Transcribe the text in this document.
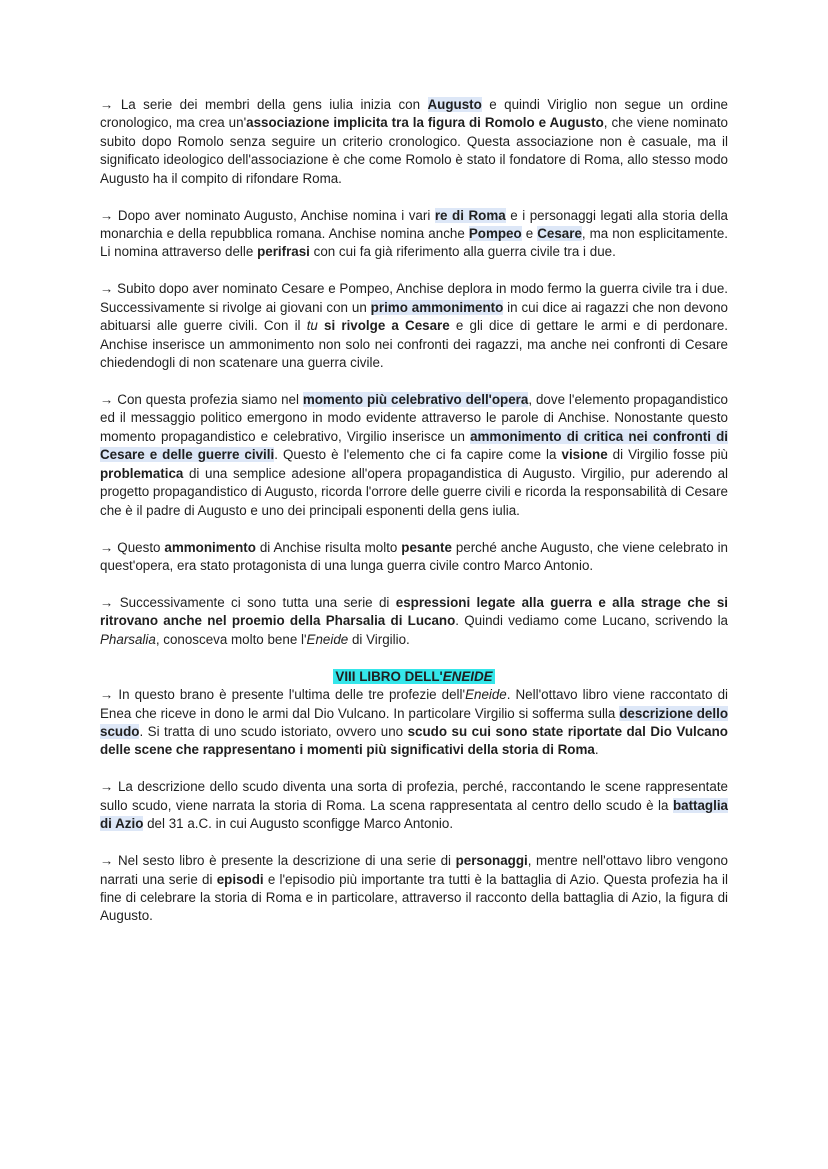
→ La serie dei membri della gens iulia inizia con Augusto e quindi Viriglio non segue un ordine cronologico, ma crea un'associazione implicita tra la figura di Romolo e Augusto, che viene nominato subito dopo Romolo senza seguire un criterio cronologico. Questa associazione non è casuale, ma il significato ideologico dell'associazione è che come Romolo è stato il fondatore di Roma, allo stesso modo Augusto ha il compito di rifondare Roma.

→ Dopo aver nominato Augusto, Anchise nomina i vari re di Roma e i personaggi legati alla storia della monarchia e della repubblica romana. Anchise nomina anche Pompeo e Cesare, ma non esplicitamente. Li nomina attraverso delle perifrasi con cui fa già riferimento alla guerra civile tra i due.

→ Subito dopo aver nominato Cesare e Pompeo, Anchise deplora in modo fermo la guerra civile tra i due. Successivamente si rivolge ai giovani con un primo ammonimento in cui dice ai ragazzi che non devono abituarsi alle guerre civili. Con il tu si rivolge a Cesare e gli dice di gettare le armi e di perdonare. Anchise inserisce un ammonimento non solo nei confronti dei ragazzi, ma anche nei confronti di Cesare chiedendogli di non scatenare una guerra civile.

→ Con questa profezia siamo nel momento più celebrativo dell'opera, dove l'elemento propagandistico ed il messaggio politico emergono in modo evidente attraverso le parole di Anchise. Nonostante questo momento propagandistico e celebrativo, Virgilio inserisce un ammonimento di critica nei confronti di Cesare e delle guerre civili. Questo è l'elemento che ci fa capire come la visione di Virgilio fosse più problematica di una semplice adesione all'opera propagandistica di Augusto. Virgilio, pur aderendo al progetto propagandistico di Augusto, ricorda l'orrore delle guerre civili e ricorda la responsabilità di Cesare che è il padre di Augusto e uno dei principali esponenti della gens iulia.

→ Questo ammonimento di Anchise risulta molto pesante perché anche Augusto, che viene celebrato in quest'opera, era stato protagonista di una lunga guerra civile contro Marco Antonio.

→ Successivamente ci sono tutta una serie di espressioni legate alla guerra e alla strage che si ritrovano anche nel proemio della Pharsalia di Lucano. Quindi vediamo come Lucano, scrivendo la Pharsalia, conosceva molto bene l'Eneide di Virgilio.

VIII LIBRO DELL'ENEIDE

→ In questo brano è presente l'ultima delle tre profezie dell'Eneide. Nell'ottavo libro viene raccontato di Enea che riceve in dono le armi dal Dio Vulcano. In particolare Virgilio si sofferma sulla descrizione dello scudo. Si tratta di uno scudo istoriato, ovvero uno scudo su cui sono state riportate dal Dio Vulcano delle scene che rappresentano i momenti più significativi della storia di Roma.

→ La descrizione dello scudo diventa una sorta di profezia, perché, raccontando le scene rappresentate sullo scudo, viene narrata la storia di Roma. La scena rappresentata al centro dello scudo è la battaglia di Azio del 31 a.C. in cui Augusto sconfigge Marco Antonio.

→ Nel sesto libro è presente la descrizione di una serie di personaggi, mentre nell'ottavo libro vengono narrati una serie di episodi e l'episodio più importante tra tutti è la battaglia di Azio. Questa profezia ha il fine di celebrare la storia di Roma e in particolare, attraverso il racconto della battaglia di Azio, la figura di Augusto.
